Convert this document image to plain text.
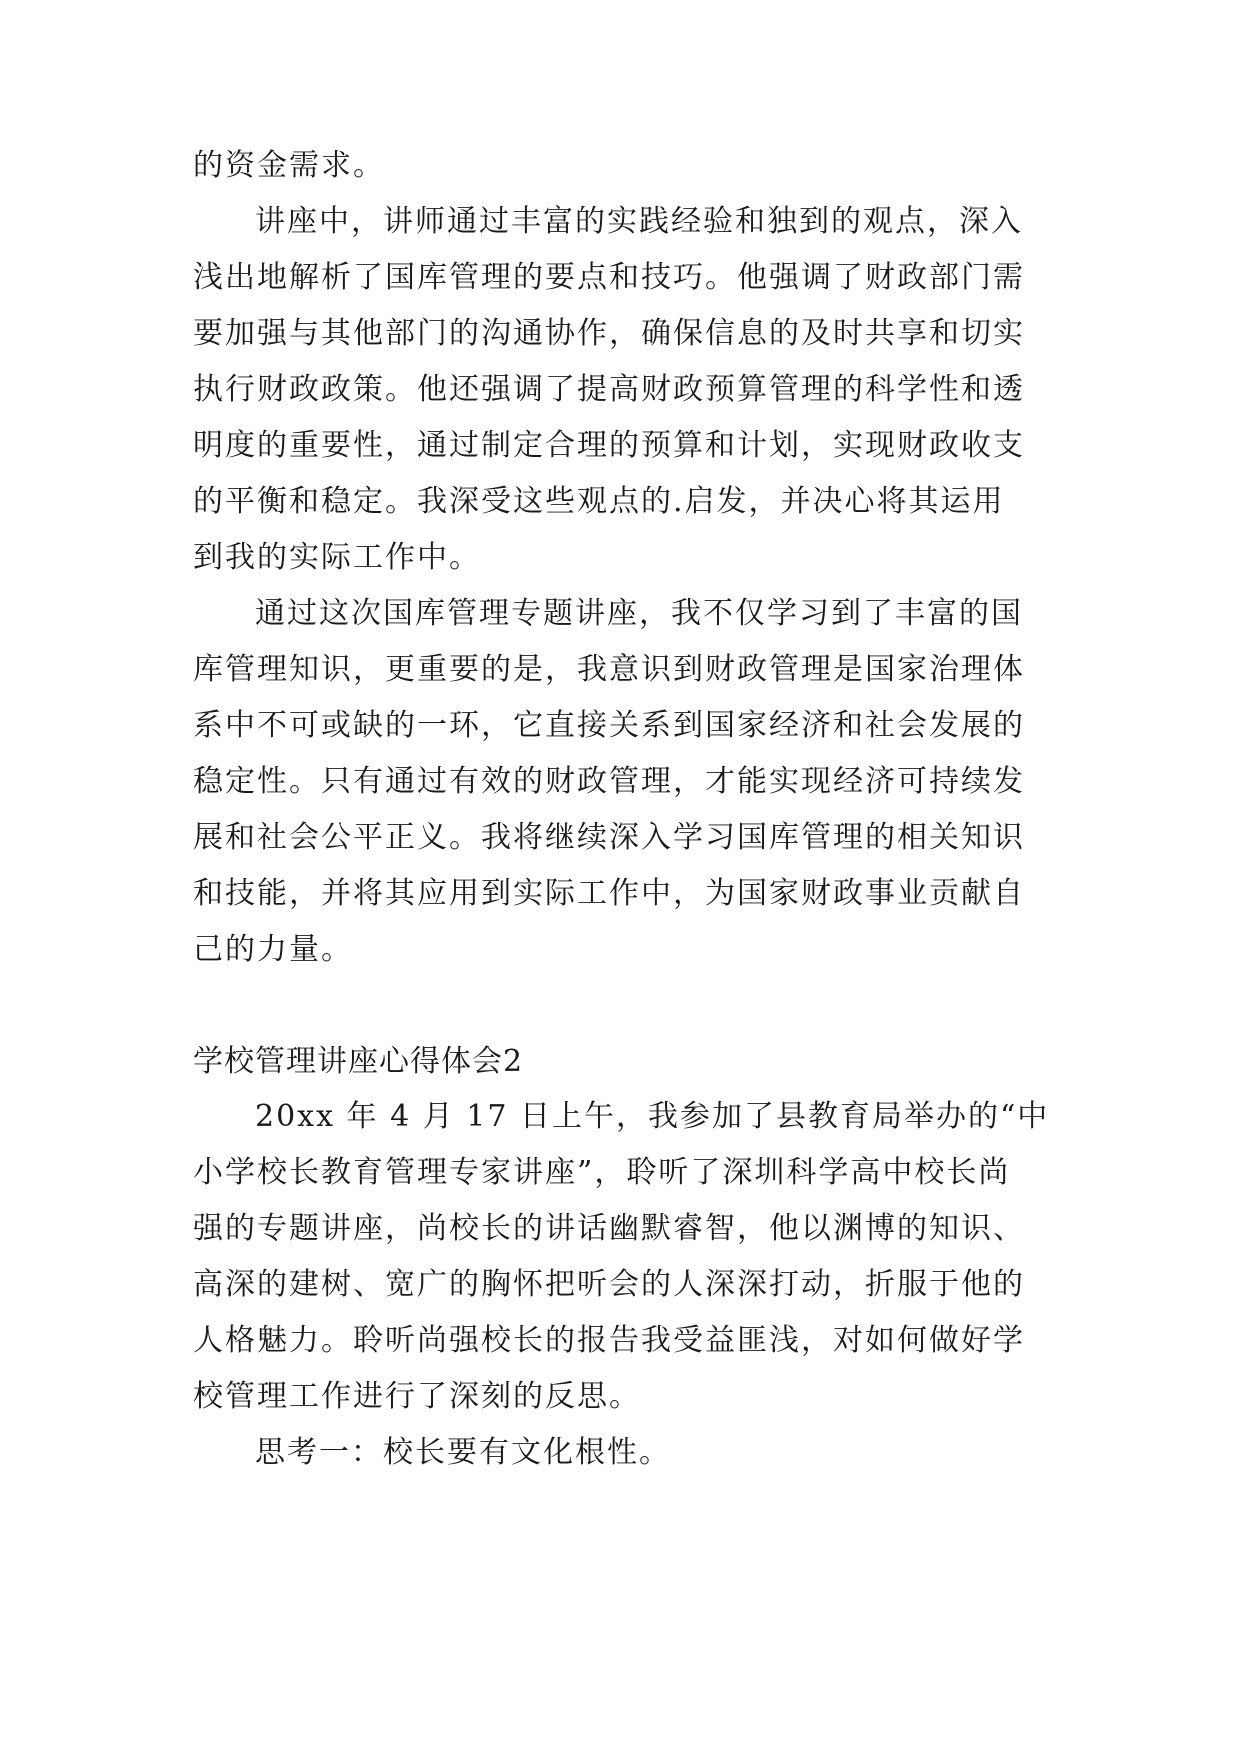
的资金需求。
讲座中，讲师通过丰富的实践经验和独到的观点，深入
浅出地解析了国库管理的要点和技巧。他强调了财政部门需
要加强与其他部门的沟通协作，确保信息的及时共享和切实
执行财政政策。他还强调了提高财政预算管理的科学性和透
明度的重要性，通过制定合理的预算和计划，实现财政收支
的平衡和稳定。我深受这些观点的.启发，并决心将其运用
到我的实际工作中。
通过这次国库管理专题讲座，我不仅学习到了丰富的国
库管理知识，更重要的是，我意识到财政管理是国家治理体
系中不可或缺的一环，它直接关系到国家经济和社会发展的
稳定性。只有通过有效的财政管理，才能实现经济可持续发
展和社会公平正义。我将继续深入学习国库管理的相关知识
和技能，并将其应用到实际工作中，为国家财政事业贡献自
己的力量。
学校管理讲座心得体会2
20xx 年 4 月 17 日上午，我参加了县教育局举办的“中
小学校长教育管理专家讲座”，聆听了深圳科学高中校长尚
强的专题讲座，尚校长的讲话幽默睿智，他以渊博的知识、
高深的建树、宽广的胸怀把听会的人深深打动，折服于他的
人格魅力。聆听尚强校长的报告我受益匪浅，对如何做好学
校管理工作进行了深刻的反思。
思考一：校长要有文化根性。
